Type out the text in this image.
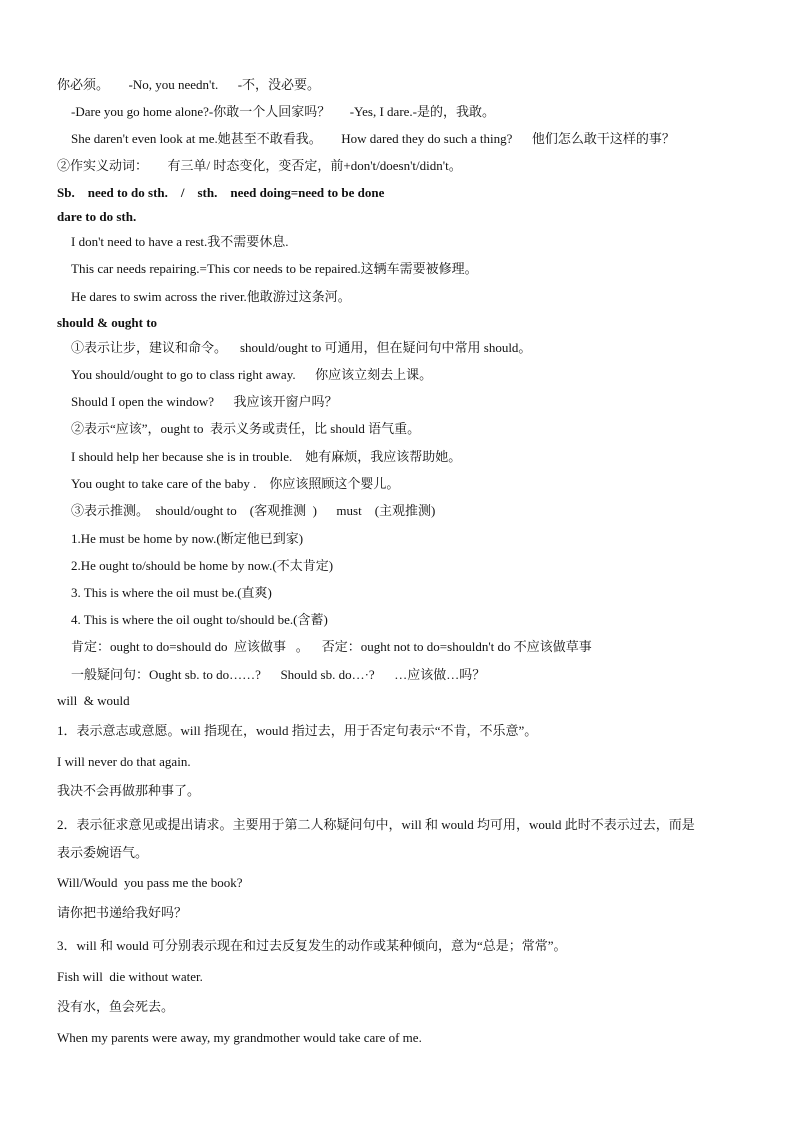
你必须。      -No, you needn't.      -不，没必要。
-Dare you go home alone?-你敢一个人回家吗？      -Yes, I dare.-是的，我敢。
She daren't even look at me.她甚至不敢看我。      How dared they do such a thing?      他们怎么敢干这样的事？
②作实义动词：      有三单/ 时态变化，变否定，前+don't/doesn't/didn't。
Sb.    need to do sth.    /    sth.    need doing=need to be done
dare to do sth.
I don't need to have a rest.我不需要休息.
This car needs repairing.=This cor needs to be repaired.这辆车需要被修理。
He dares to swim across the river.他敢游过这条河。
should & ought to
①表示让步，建议和命令。    should/ought to 可通用，但在疑问句中常用 should。
You should/ought to go to class right away.      你应该立刻去上课。
Should I open the window?      我应该开窗户吗？
②表示“应该”，ought to  表示义务或责任，比 should 语气重。
I should help her because she is in trouble.    她有麻烦，我应该帮助她。
You ought to take care of the baby .    你应该照顾这个婴儿。
③表示推测。  should/ought to    (客观推测  )      must    (主观推测)
1.He must be home by now.(断定他已到家)
2.He ought to/should be home by now.(不太肯定)
3. This is where the oil must be.(直爽)
4. This is where the oil ought to/should be.(含蓄)
肯定：ought to do=should do  应该做事   。    否定：ought not to do=shouldn't do 不应该做草事
一般疑问句：Ought sb. to do……?      Should sb. do…·?      …应该做…吗？
will  & would
1．表示意志或意愿。will 指现在，would 指过去，用于否定句表示“不肯，不乐意”。
I will never do that again.
我决不会再做那种事了。
2．表示征求意见或提出请求。主要用于第二人称疑问句中，will 和 would 均可用，would 此时不表示过去，而是
表示委婉语气。
Will/Would  you pass me the book?
请你把书递给我好吗？
3．will 和 would 可分别表示现在和过去反复发生的动作或某种倾向，意为“总是；常常”。
Fish will  die without water.
没有水，鱼会死去。
When my parents were away, my grandmother would take care of me.
